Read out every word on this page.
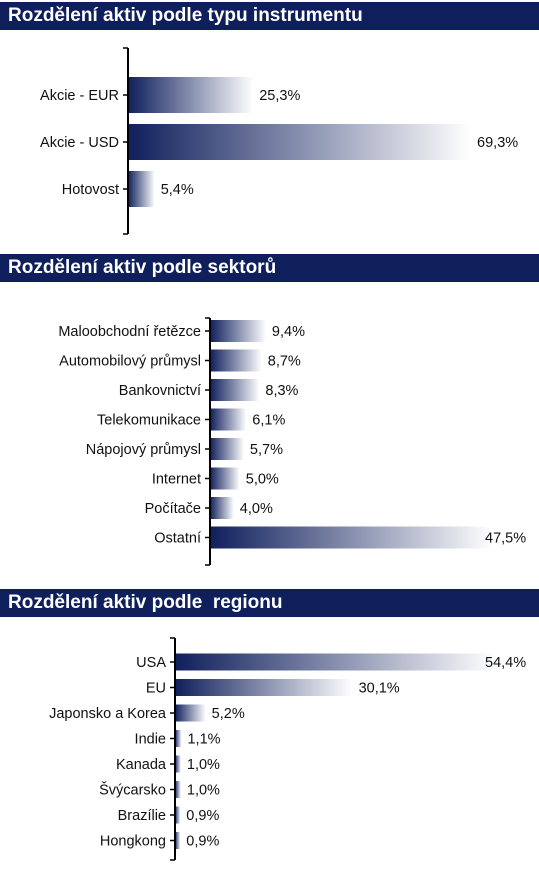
Rozdělení aktiv podle typu instrumentu
Akcie - EUR	25,3%
Akcie - USD	69,3%
Hotovost	5,4%
Rozdělení aktiv podle sektorů
Maloobchodní řetězce	9,4%
Automobilový průmysl	8,7%
Bankovnictví	8,3%
Telekomunikace	6,1%
Nápojový průmysl	5,7%
Internet	5,0%
Počítače	4,0%
Ostatní	47,5%
Rozdělení aktiv podle  regionu
USA	54,4%
EU	30,1%
Japonsko a Korea	5,2%
Indie 1,1%
Kanada 1,0%
Švýcarsko 1,0%
Brazílie 0,9%
Hongkong 0,9%
